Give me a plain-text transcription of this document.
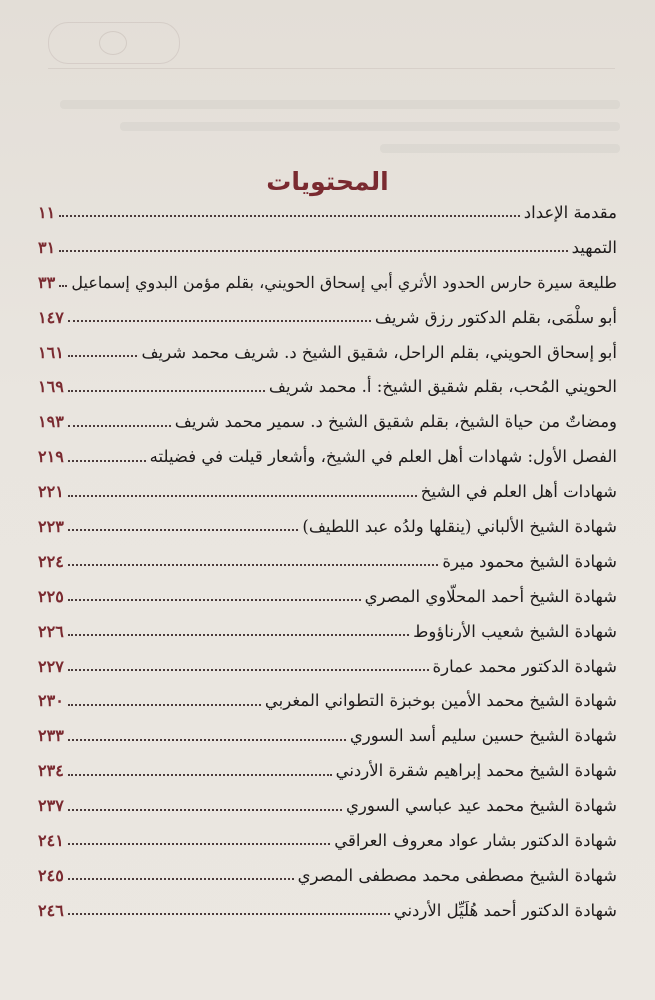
المحتويات
مقدمة الإعداد
١١
التمهيد
٣١
طليعة سيرة حارس الحدود الأثري أبي إسحاق الحويني، بقلم مؤمن البدوي إسماعيل
٣٣
أبو سلْمَى، بقلم الدكتور رزق شريف
١٤٧
أبو إسحاق الحويني، بقلم الراحل، شقيق الشيخ د. شريف محمد شريف
١٦١
الحويني المُحب، بقلم شقيق الشيخ: أ. محمد شريف
١٦٩
ومضاتٌ من حياة الشيخ، بقلم شقيق الشيخ د. سمير محمد شريف
١٩٣
الفصل الأول: شهادات أهل العلم في الشيخ، وأشعار قيلت في فضيلته
٢١٩
شهادات أهل العلم في الشيخ
٢٢١
شهادة الشيخ الألباني (ينقلها ولدُه عبد اللطيف)
٢٢٣
شهادة الشيخ محمود ميرة
٢٢٤
شهادة الشيخ أحمد المحلّاوي المصري
٢٢٥
شهادة الشيخ شعيب الأرناؤوط
٢٢٦
شهادة الدكتور محمد عمارة
٢٢٧
شهادة الشيخ محمد الأمين بوخبزة التطواني المغربي
٢٣٠
شهادة الشيخ حسين سليم أسد السوري
٢٣٣
شهادة الشيخ محمد إبراهيم شقرة الأردني
٢٣٤
شهادة الشيخ محمد عيد عباسي السوري
٢٣٧
شهادة الدكتور بشار عواد معروف العراقي
٢٤١
شهادة الشيخ مصطفى محمد مصطفى المصري
٢٤٥
شهادة الدكتور أحمد هُلَيِّل الأردني
٢٤٦
